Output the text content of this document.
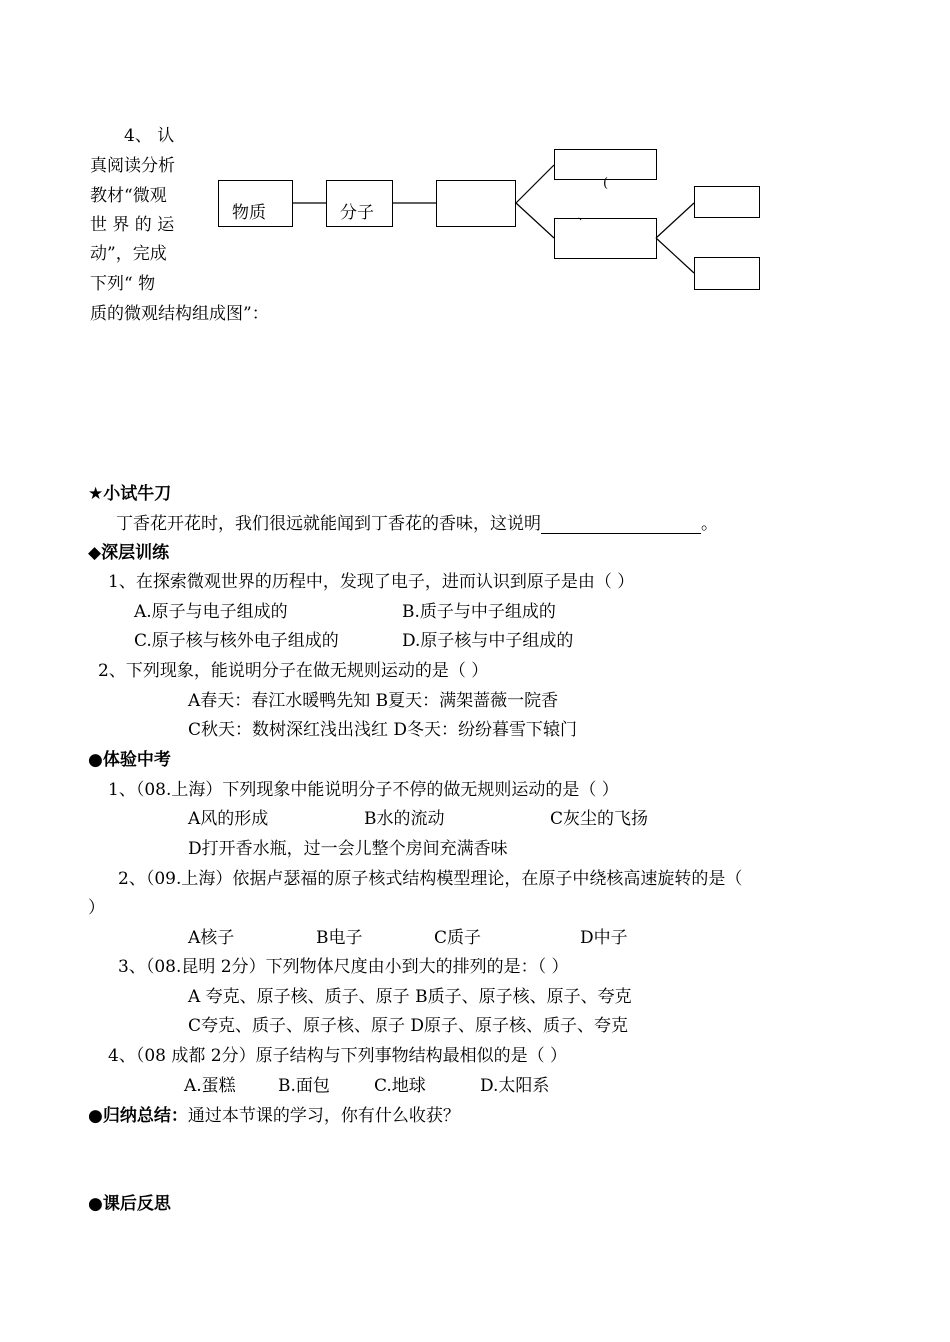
4、 认
真阅读分析
教材“微观
世 界 的 运
动”，完成
下列“ 物
质的微观结构组成图”：
物质	分子
(
、
★小试牛刀
丁香花开花时，我们很远就能闻到丁香花的香味，这说明	。
◆深层训练
1、在探索微观世界的历程中，发现了电子，进而认识到原子是由（ ）
A.原子与电子组成的	B.质子与中子组成的
C.原子核与核外电子组成的	D.原子核与中子组成的
2、下列现象，能说明分子在做无规则运动的是（ ）
A春天：春江水暖鸭先知 B夏天：满架蔷薇一院香
C秋天：数树深红浅出浅红 D冬天：纷纷暮雪下辕门
●体验中考
1、（08.上海）下列现象中能说明分子不停的做无规则运动的是（ ）
A风的形成	B水的流动	C灰尘的飞扬
D打开香水瓶，过一会儿整个房间充满香味
2、（09.上海）依据卢瑟福的原子核式结构模型理论，在原子中绕核高速旋转的是（
）
A核子	B电子	C质子	D中子
3、（08.昆明 2分）下列物体尺度由小到大的排列的是：（ ）
A 夸克、原子核、质子、原子 B质子、原子核、原子、夸克
C夸克、质子、原子核、原子 D原子、原子核、质子、夸克
4、（08 成都 2分）原子结构与下列事物结构最相似的是（ ）
A.蛋糕 B.面包	C.地球	D.太阳系
●归纳总结：通过本节课的学习，你有什么收获？
●课后反思
